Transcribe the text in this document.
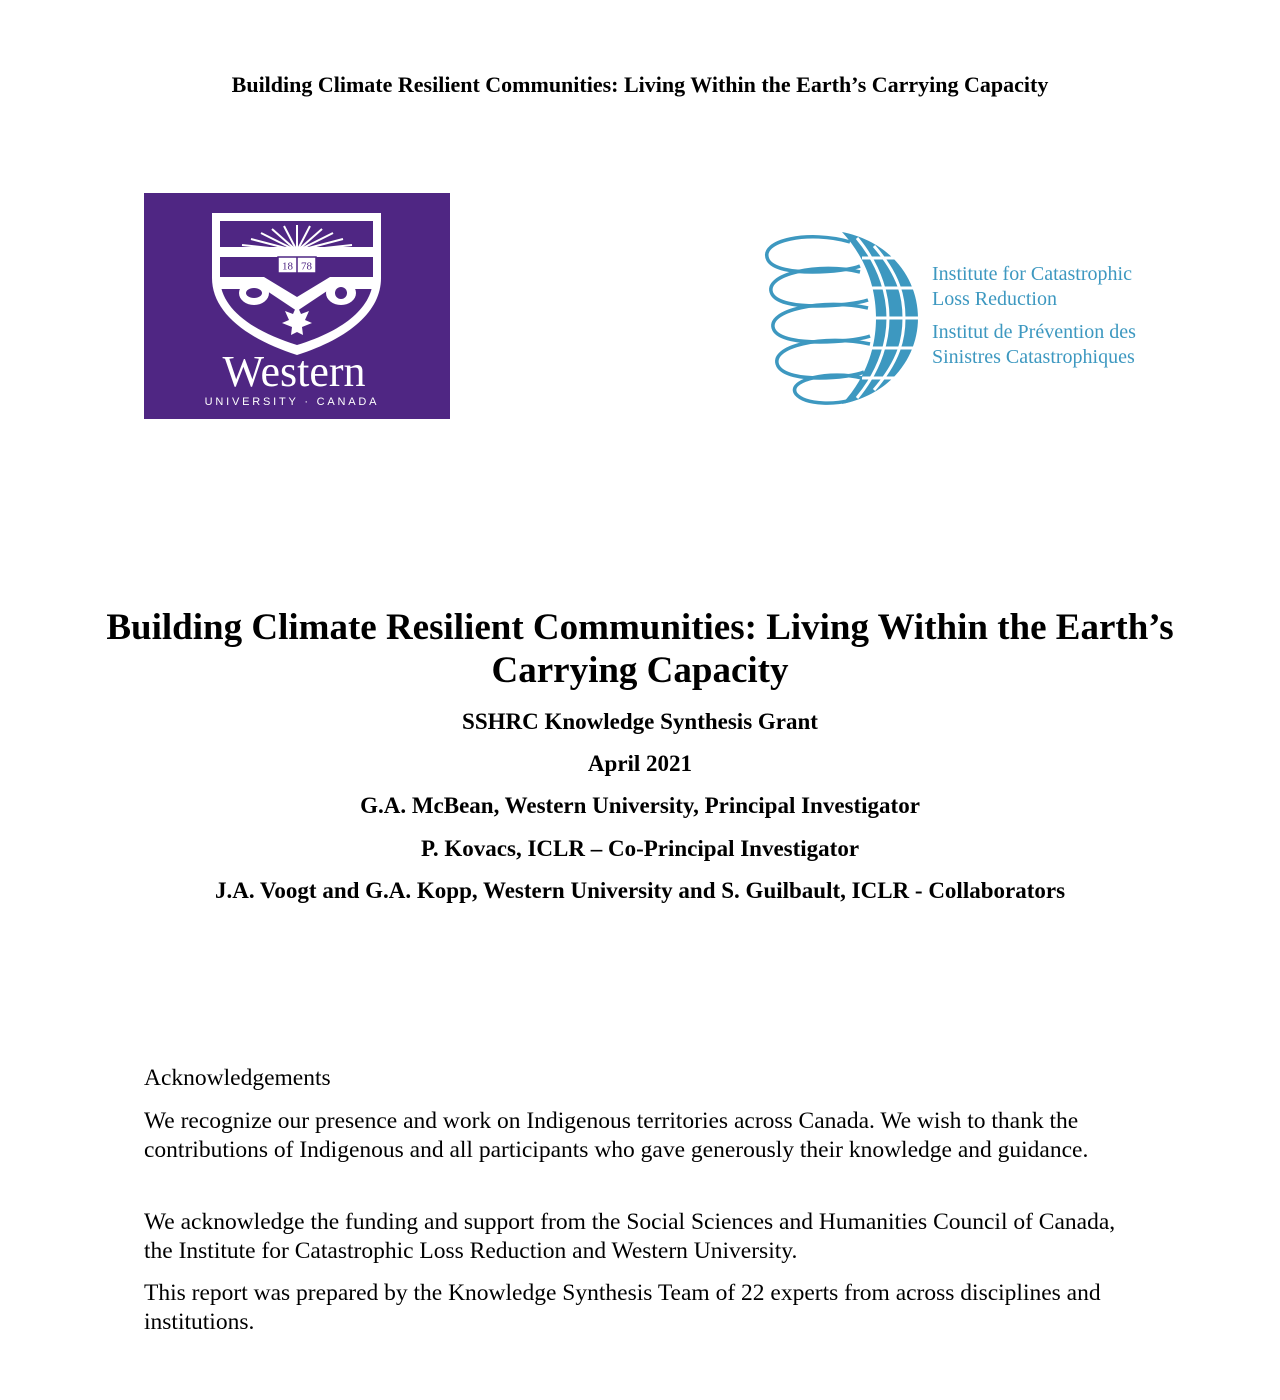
Building Climate Resilient Communities: Living Within the Earth’s Carrying Capacity

18 78
Western
UNIVERSITY · CANADA
Institute for Catastrophic
Loss Reduction
Institut de Prévention des
Sinistres Catastrophiques
Building Climate Resilient Communities: Living Within the Earth’s Carrying Capacity

SSHRC Knowledge Synthesis Grant

April 2021

G.A. McBean, Western University, Principal Investigator

P. Kovacs, ICLR – Co-Principal Investigator

J.A. Voogt and G.A. Kopp, Western University and S. Guilbault, ICLR - Collaborators

Acknowledgements

We recognize our presence and work on Indigenous territories across Canada. We wish to thank the contributions of Indigenous and all participants who gave generously their knowledge and guidance.

We acknowledge the funding and support from the Social Sciences and Humanities Council of Canada, the Institute for Catastrophic Loss Reduction and Western University.

This report was prepared by the Knowledge Synthesis Team of 22 experts from across disciplines and institutions.
